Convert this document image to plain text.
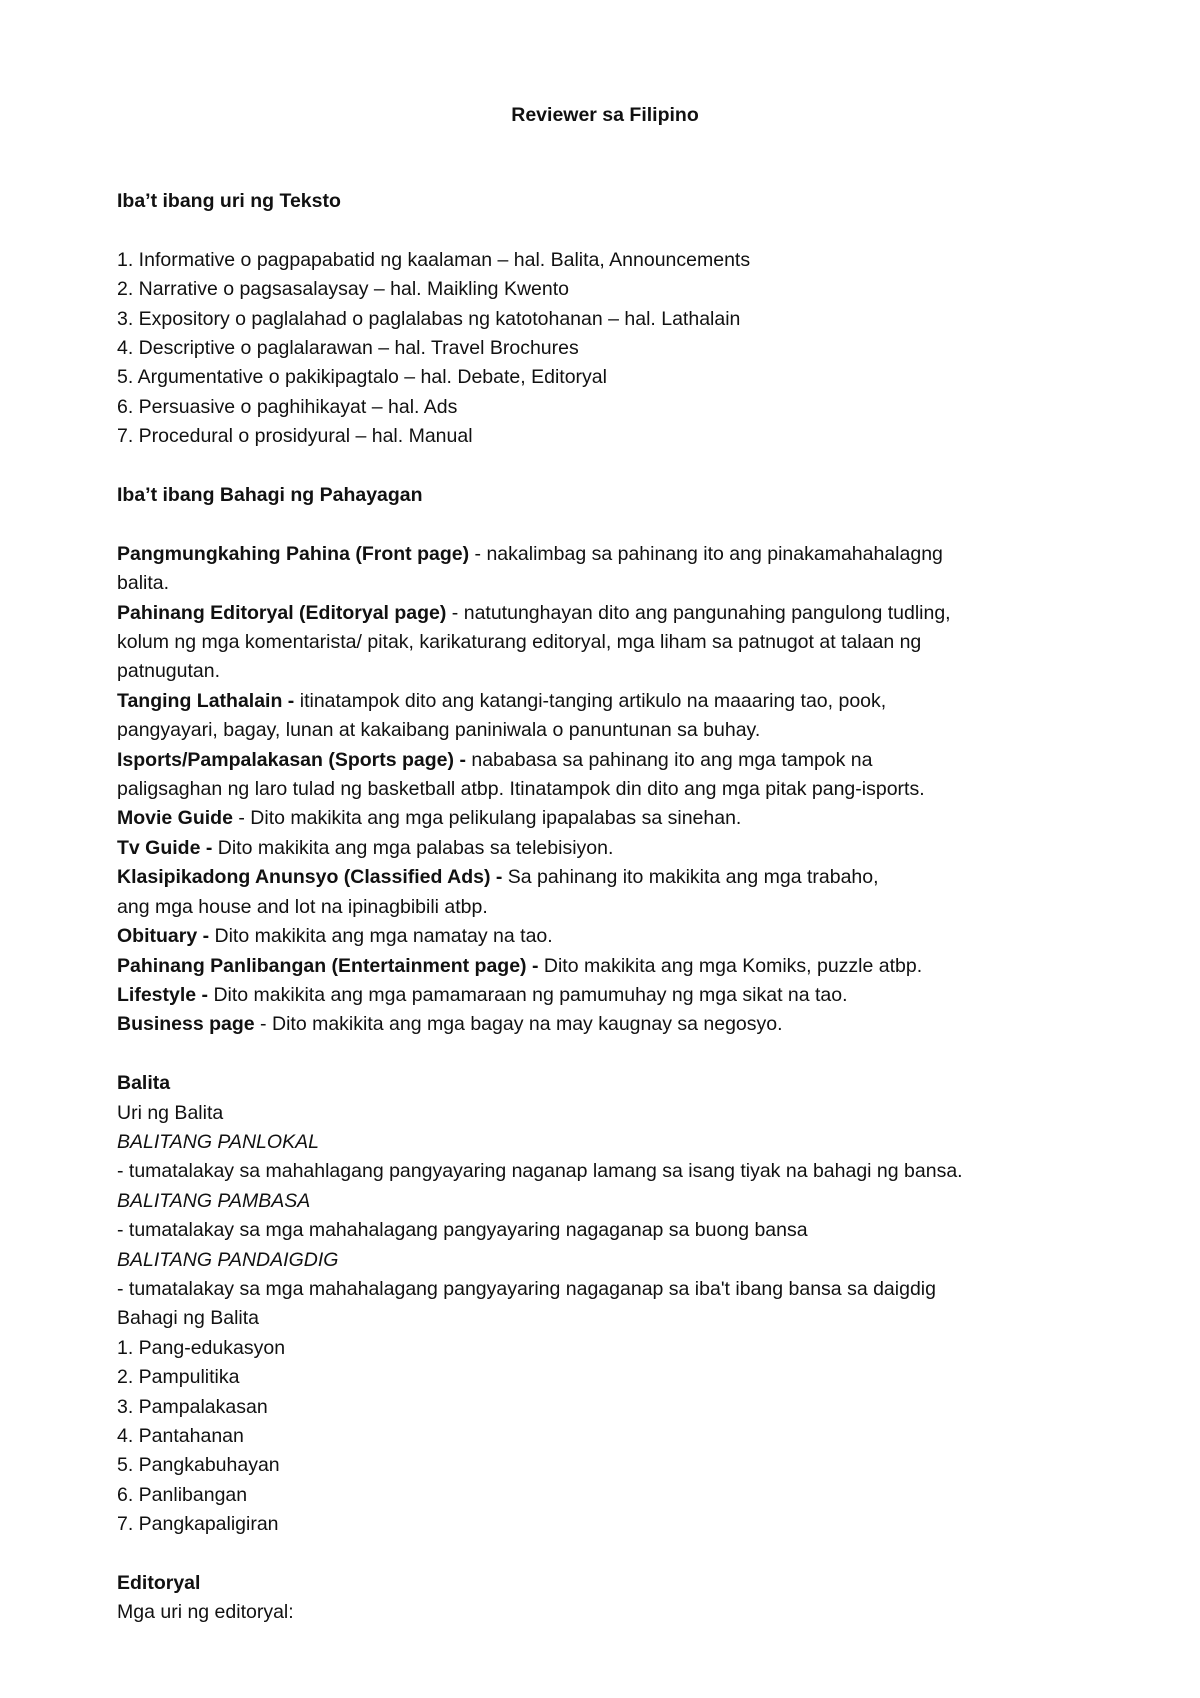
Reviewer sa Filipino

Iba’t ibang uri ng Teksto

1. Informative o pagpapabatid ng kaalaman – hal. Balita, Announcements

2. Narrative o pagsasalaysay – hal. Maikling Kwento

3. Expository o paglalahad o paglalabas ng katotohanan – hal. Lathalain

4. Descriptive o paglalarawan – hal. Travel Brochures

5. Argumentative o pakikipagtalo – hal. Debate, Editoryal

6. Persuasive o paghihikayat – hal. Ads

7. Procedural o prosidyural – hal. Manual

Iba’t ibang Bahagi ng Pahayagan

Pangmungkahing Pahina (Front page) - nakalimbag sa pahinang ito ang pinakamahahalagng

balita.

Pahinang Editoryal (Editoryal page) - natutunghayan dito ang pangunahing pangulong tudling,

kolum ng mga komentarista/ pitak, karikaturang editoryal, mga liham sa patnugot at talaan ng

patnugutan.

Tanging Lathalain - itinatampok dito ang katangi-tanging artikulo na maaaring tao, pook,

pangyayari, bagay, lunan at kakaibang paniniwala o panuntunan sa buhay.

Isports/Pampalakasan (Sports page) - nababasa sa pahinang ito ang mga tampok na

paligsaghan ng laro tulad ng basketball atbp. Itinatampok din dito ang mga pitak pang-isports.

Movie Guide - Dito makikita ang mga pelikulang ipapalabas sa sinehan.

Tv Guide - Dito makikita ang mga palabas sa telebisiyon.

Klasipikadong Anunsyo (Classified Ads) - Sa pahinang ito makikita ang mga trabaho,

ang mga house and lot na ipinagbibili atbp.

Obituary - Dito makikita ang mga namatay na tao.

Pahinang Panlibangan (Entertainment page) - Dito makikita ang mga Komiks, puzzle atbp.

Lifestyle - Dito makikita ang mga pamamaraan ng pamumuhay ng mga sikat na tao.

Business page - Dito makikita ang mga bagay na may kaugnay sa negosyo.

Balita

Uri ng Balita

BALITANG PANLOKAL

- tumatalakay sa mahahlagang pangyayaring naganap lamang sa isang tiyak na bahagi ng bansa.

BALITANG PAMBASA

- tumatalakay sa mga mahahalagang pangyayaring nagaganap sa buong bansa

BALITANG PANDAIGDIG

- tumatalakay sa mga mahahalagang pangyayaring nagaganap sa iba't ibang bansa sa daigdig

Bahagi ng Balita

1. Pang-edukasyon

2. Pampulitika

3. Pampalakasan

4. Pantahanan

5. Pangkabuhayan

6. Panlibangan

7. Pangkapaligiran

Editoryal

Mga uri ng editoryal:
